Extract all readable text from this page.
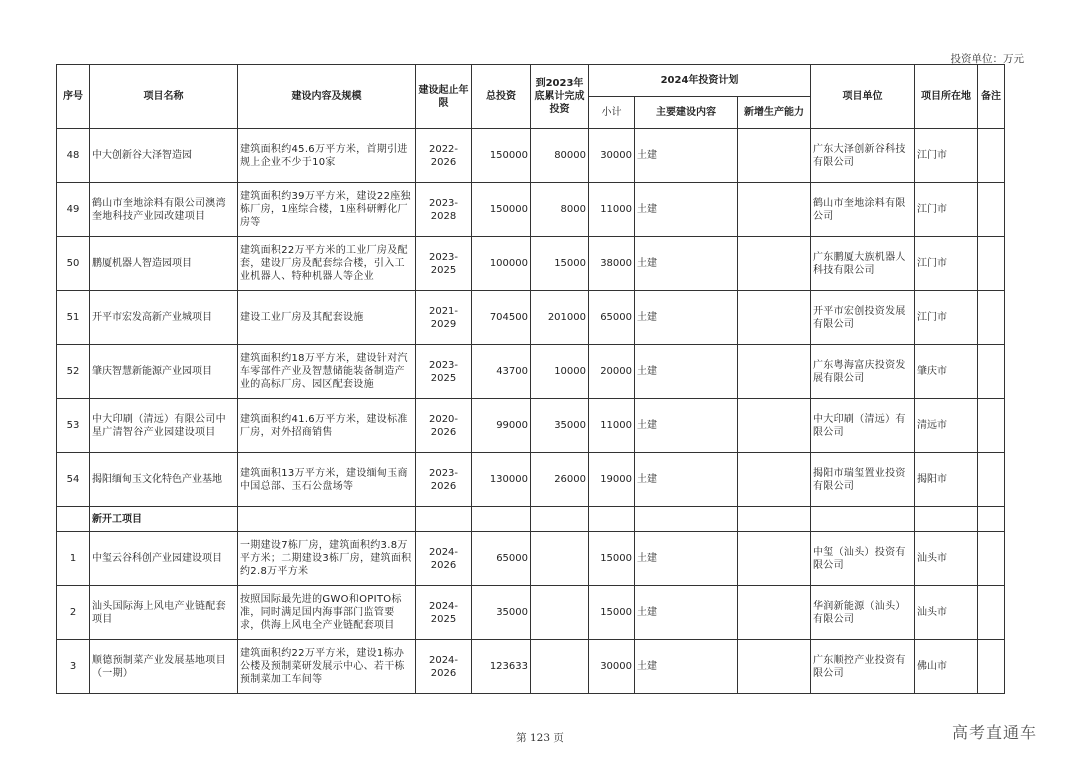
投资单位：万元
序号	项目名称	建设内容及规模	建设起止年限	总投资	到2023年底累计完成投资	2024年投资计划			项目单位	项目所在地	备注
						小计	主要建设内容	新增生产能力			
48	中大创新谷大泽智造园	建筑面积约45.6万平方米，首期引进规上企业不少于10家	2022-2026	150000	80000	30000	土建		广东大泽创新谷科技有限公司	江门市	
49	鹤山市奎地涂料有限公司澳湾奎地科技产业园改建项目	建筑面积约39万平方米，建设22座独栋厂房，1座综合楼，1座科研孵化厂房等	2023-2028	150000	8000	11000	土建		鹤山市奎地涂料有限公司	江门市	
50	鹏厦机器人智造园项目	建筑面积22万平方米的工业厂房及配套，建设厂房及配套综合楼，引入工业机器人、特种机器人等企业	2023-2025	100000	15000	38000	土建		广东鹏厦大族机器人科技有限公司	江门市	
51	开平市宏发高新产业城项目	建设工业厂房及其配套设施	2021-2029	704500	201000	65000	土建		开平市宏创投资发展有限公司	江门市	
52	肇庆智慧新能源产业园项目	建筑面积约18万平方米，建设针对汽车零部件产业及智慧储能装备制造产业的高标厂房、园区配套设施	2023-2025	43700	10000	20000	土建		广东粤海富庆投资发展有限公司	肇庆市	
53	中大印刷（清远）有限公司中星广清智谷产业园建设项目	建筑面积约41.6万平方米，建设标准厂房，对外招商销售	2020-2026	99000	35000	11000	土建		中大印刷（清远）有限公司	清远市	
54	揭阳缅甸玉文化特色产业基地	建筑面积13万平方米，建设缅甸玉商中国总部、玉石公盘场等	2023-2026	130000	26000	19000	土建		揭阳市瑞玺置业投资有限公司	揭阳市	
	新开工项目										
1	中玺云谷科创产业园建设项目	一期建设7栋厂房，建筑面积约3.8万平方米；二期建设3栋厂房，建筑面积约2.8万平方米	2024-2026	65000		15000	土建		中玺（汕头）投资有限公司	汕头市	
2	汕头国际海上风电产业链配套项目	按照国际最先进的GWO和OPITO标准，同时满足国内海事部门监管要求，供海上风电全产业链配套项目	2024-2025	35000		15000	土建		华润新能源（汕头）有限公司	汕头市	
3	顺德预制菜产业发展基地项目（一期）	建筑面积约22万平方米，建设1栋办公楼及预制菜研发展示中心、若干栋预制菜加工车间等	2024-2026	123633		30000	土建		广东顺控产业投资有限公司	佛山市	
第 123 页	高考直通车
